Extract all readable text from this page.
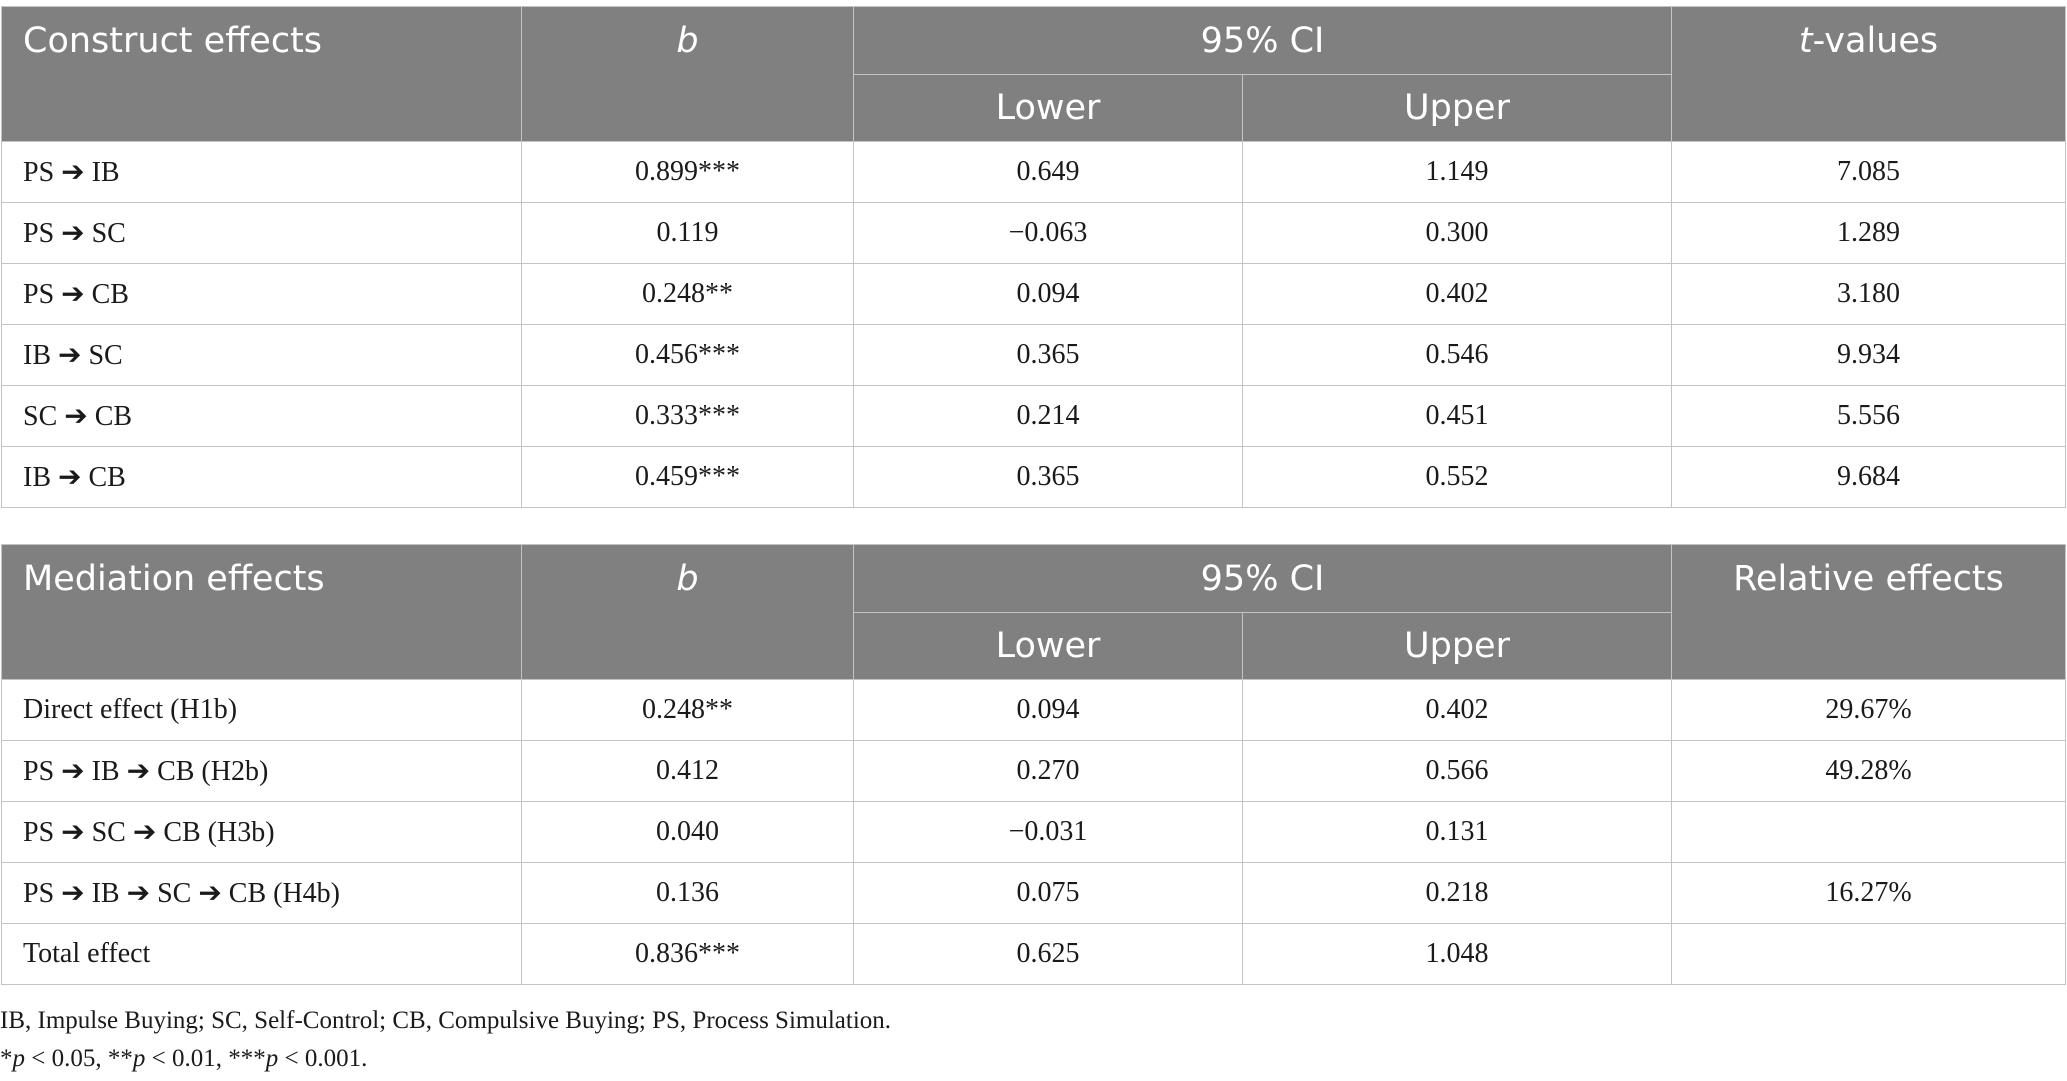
Construct effects	b	95% CI		t-values
		Lower	Upper	
PS ➔ IB	0.899***	0.649	1.149	7.085
PS ➔ SC	0.119	−0.063	0.300	1.289
PS ➔ CB	0.248**	0.094	0.402	3.180
IB ➔ SC	0.456***	0.365	0.546	9.934
SC ➔ CB	0.333***	0.214	0.451	5.556
IB ➔ CB	0.459***	0.365	0.552	9.684
Mediation effects	b	95% CI		Relative effects
		Lower	Upper	
Direct effect (H1b)	0.248**	0.094	0.402	29.67%
PS ➔ IB ➔ CB (H2b)	0.412	0.270	0.566	49.28%
PS ➔ SC ➔ CB (H3b)	0.040	−0.031	0.131	
PS ➔ IB ➔ SC ➔ CB (H4b)	0.136	0.075	0.218	16.27%
Total effect	0.836***	0.625	1.048	
IB, Impulse Buying; SC, Self-Control; CB, Compulsive Buying; PS, Process Simulation.
*p < 0.05, **p < 0.01, ***p < 0.001.
